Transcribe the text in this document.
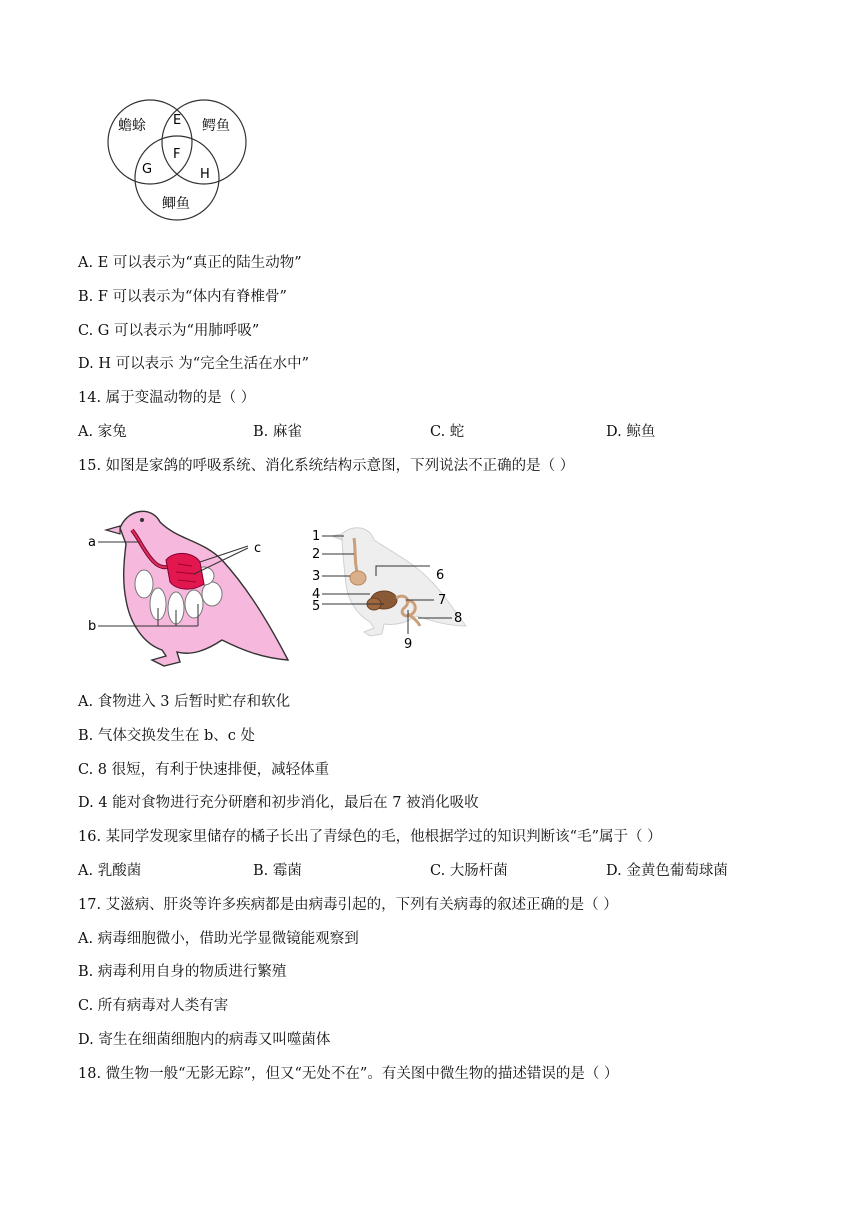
蟾蜍	鳄鱼
鲫鱼
E
F
G	H
A. E 可以表示为“真正的陆生动物”
B. F 可以表示为“体内有脊椎骨”
C. G 可以表示为“用肺呼吸”
D. H 可以表示 为“完全生活在水中”
14. 属于变温动物的是（ ）
A. 家兔	B. 麻雀	C. 蛇	D. 鲸鱼
15. 如图是家鸽的呼吸系统、消化系统结构示意图，下列说法不正确的是（ ）
a
b
c
1
2
3
4
5
6
7
8
9
A. 食物进入 3 后暂时贮存和软化
B. 气体交换发生在 b、c 处
C. 8 很短，有利于快速排便，减轻体重
D. 4 能对食物进行充分研磨和初步消化，最后在 7 被消化吸收
16. 某同学发现家里储存的橘子长出了青绿色的毛，他根据学过的知识判断该“毛”属于（ ）
A. 乳酸菌	B. 霉菌	C. 大肠杆菌	D. 金黄色葡萄球菌
17. 艾滋病、肝炎等许多疾病都是由病毒引起的，下列有关病毒的叙述正确的是（ ）
A. 病毒细胞微小，借助光学显微镜能观察到
B. 病毒利用自身的物质进行繁殖
C. 所有病毒对人类有害
D. 寄生在细菌细胞内的病毒又叫噬菌体
18. 微生物一般“无影无踪”，但又“无处不在”。有关图中微生物的描述错误的是（ ）
